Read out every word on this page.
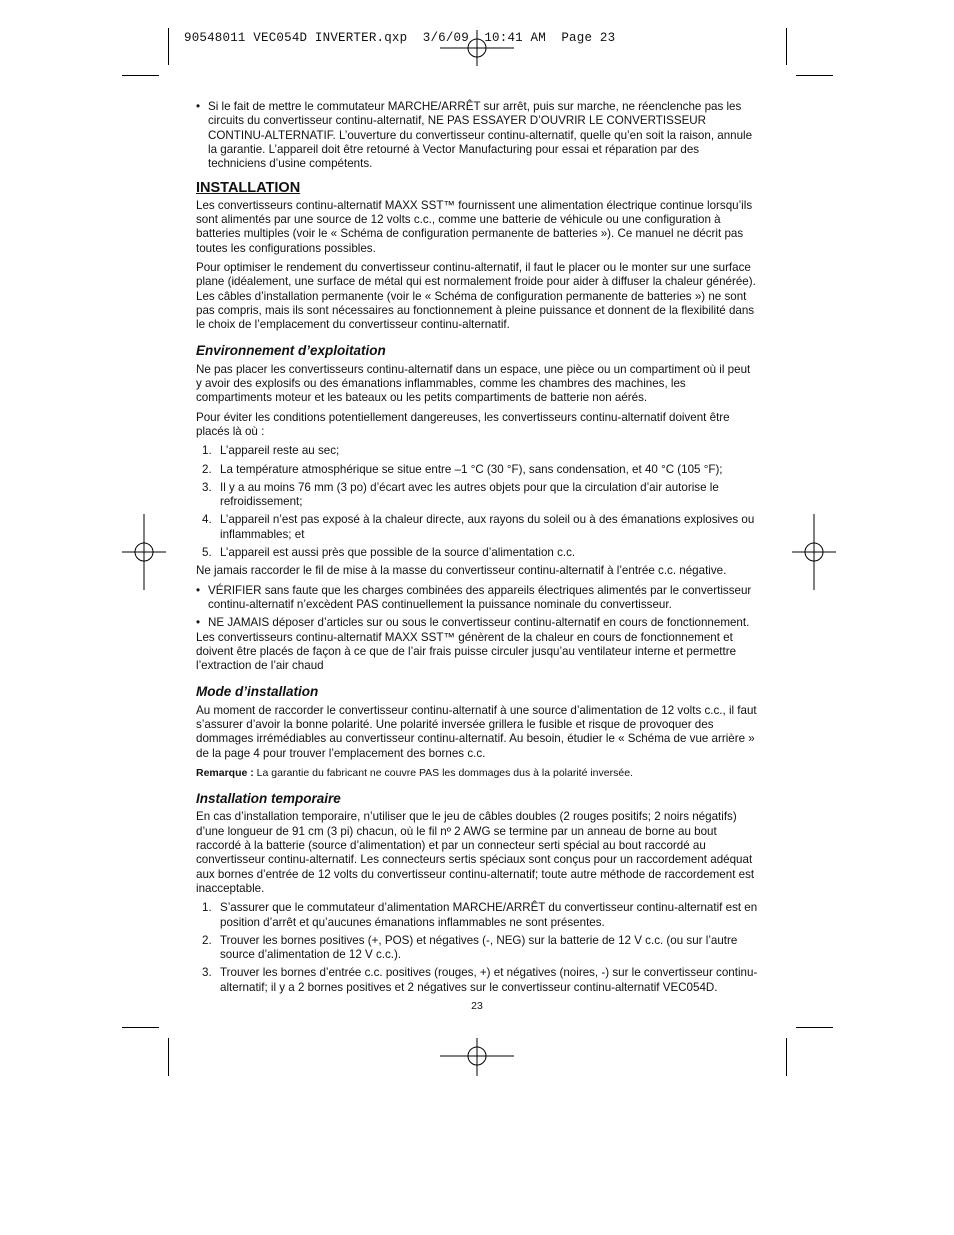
90548011 VEC054D INVERTER.qxp  3/6/09  10:41 AM  Page 23
• Si le fait de mettre le commutateur MARCHE/ARRÊT sur arrêt, puis sur marche, ne réenclenche pas les circuits du convertisseur continu-alternatif, NE PAS ESSAYER D’OUVRIR LE CONVERTISSEUR CONTINU-ALTERNATIF. L’ouverture du convertisseur continu-alternatif, quelle qu’en soit la raison, annule la garantie. L’appareil doit être retourné à Vector Manufacturing pour essai et réparation par des techniciens d’usine compétents.
INSTALLATION

Les convertisseurs continu-alternatif MAXX SST™ fournissent une alimentation électrique continue lorsqu’ils sont alimentés par une source de 12 volts c.c., comme une batterie de véhicule ou une configuration à batteries multiples (voir le « Schéma de configuration permanente de batteries »). Ce manuel ne décrit pas toutes les configurations possibles.

Pour optimiser le rendement du convertisseur continu-alternatif, il faut le placer ou le monter sur une surface plane (idéalement, une surface de métal qui est normalement froide pour aider à diffuser la chaleur générée). Les câbles d’installation permanente (voir le « Schéma de configuration permanente de batteries ») ne sont pas compris, mais ils sont nécessaires au fonctionnement à pleine puissance et donnent de la flexibilité dans le choix de l’emplacement du convertisseur continu-alternatif.

Environnement d’exploitation

Ne pas placer les convertisseurs continu-alternatif dans un espace, une pièce ou un compartiment où il peut y avoir des explosifs ou des émanations inflammables, comme les chambres des machines, les compartiments moteur et les bateaux ou les petits compartiments de batterie non aérés.

Pour éviter les conditions potentiellement dangereuses, les convertisseurs continu-alternatif doivent être placés là où :

1. L’appareil reste au sec;
2. La température atmosphérique se situe entre –1 °C (30 °F), sans condensation, et 40 °C (105 °F);
3. Il y a au moins 76 mm (3 po) d’écart avec les autres objets pour que la circulation d’air autorise le refroidissement;
4. L’appareil n’est pas exposé à la chaleur directe, aux rayons du soleil ou à des émanations explosives ou inflammables; et
5. L’appareil est aussi près que possible de la source d’alimentation c.c.

Ne jamais raccorder le fil de mise à la masse du convertisseur continu-alternatif à l’entrée c.c. négative.

• VÉRIFIER sans faute que les charges combinées des appareils électriques alimentés par le convertisseur continu-alternatif n’excèdent PAS continuellement la puissance nominale du convertisseur.
• NE JAMAIS déposer d’articles sur ou sous le convertisseur continu-alternatif en cours de fonctionnement.

Les convertisseurs continu-alternatif MAXX SST™ génèrent de la chaleur en cours de fonctionnement et doivent être placés de façon à ce que de l’air frais puisse circuler jusqu’au ventilateur interne et permettre l’extraction de l’air chaud

Mode d’installation

Au moment de raccorder le convertisseur continu-alternatif à une source d’alimentation de 12 volts c.c., il faut s’assurer d’avoir la bonne polarité. Une polarité inversée grillera le fusible et risque de provoquer des dommages irrémédiables au convertisseur continu-alternatif. Au besoin, étudier le « Schéma de vue arrière » de la page 4 pour trouver l’emplacement des bornes c.c.

Remarque : La garantie du fabricant ne couvre PAS les dommages dus à la polarité inversée.

Installation temporaire

En cas d’installation temporaire, n’utiliser que le jeu de câbles doubles (2 rouges positifs; 2 noirs négatifs) d’une longueur de 91 cm (3 pi) chacun, où le fil nº 2 AWG se termine par un anneau de borne au bout raccordé à la batterie (source d’alimentation) et par un connecteur serti spécial au bout raccordé au convertisseur continu-alternatif. Les connecteurs sertis spéciaux sont conçus pour un raccordement adéquat aux bornes d’entrée de 12 volts du convertisseur continu-alternatif; toute autre méthode de raccordement est inacceptable.

1. S’assurer que le commutateur d’alimentation MARCHE/ARRÊT du convertisseur continu-alternatif est en position d’arrêt et qu’aucunes émanations inflammables ne sont présentes.
2. Trouver les bornes positives (+, POS) et négatives (-, NEG) sur la batterie de 12 V c.c. (ou sur l’autre source d’alimentation de 12 V c.c.).
3. Trouver les bornes d’entrée c.c. positives (rouges, +) et négatives (noires, -) sur le convertisseur continu-alternatif; il y a 2 bornes positives et 2 négatives sur le convertisseur continu-alternatif VEC054D.
23
